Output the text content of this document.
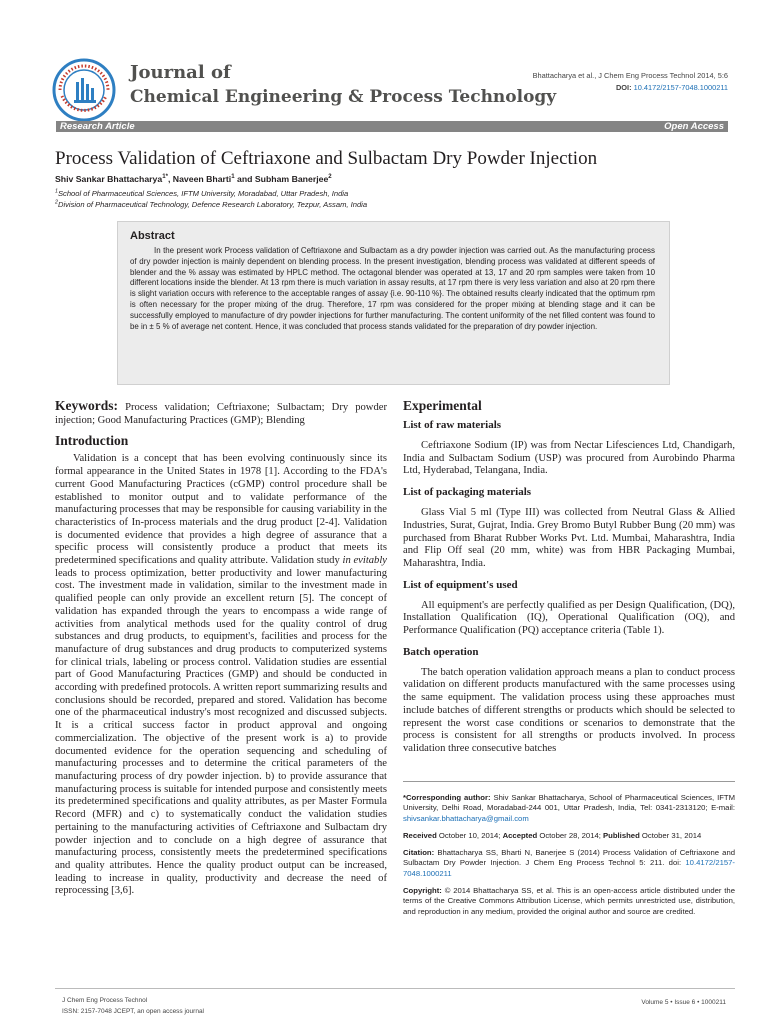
Journal of
Chemical Engineering & Process Technology
Bhattacharya et al., J Chem Eng Process Technol 2014, 5:6
DOI: 10.4172/2157-7048.1000211
Research Article	Open Access
Process Validation of Ceftriaxone and Sulbactam Dry Powder Injection
Shiv Sankar Bhattacharya$^{1*}$, Naveen Bharti$^1$ and Subham Banerjee$^2$
$^1$School of Pharmaceutical Sciences, IFTM University, Moradabad, Uttar Pradesh, India
$^2$Division of Pharmaceutical Technology, Defence Research Laboratory, Tezpur, Assam, India
Abstract

In the present work Process validation of Ceftriaxone and Sulbactam as a dry powder injection was carried out. As the manufacturing process of dry powder injection is mainly dependent on blending process. In the present investigation, blending process was validated at different speeds of blender and the % assay was estimated by HPLC method. The octagonal blender was operated at 13, 17 and 20 rpm samples were taken from 10 different locations inside the blender. At 13 rpm there is much variation in assay results, at 17 rpm there is very less variation and also at 20 rpm there is slight variation occurs with reference to the acceptable ranges of assay {i.e. 90-110 %}. The obtained results clearly indicated that the optimum rpm is often necessary for the proper mixing of the drug. Therefore, 17 rpm was considered for the proper mixing at blending stage and it can be successfully employed to manufacture of dry powder injections for further manufacturing. The content uniformity of the net filled content was found to be in ± 5 % of average net content. Hence, it was concluded that process stands validated for the preparation of dry powder injection.

Keywords: Process validation; Ceftriaxone; Sulbactam; Dry powder injection; Good Manufacturing Practices (GMP); Blending

Introduction

Validation is a concept that has been evolving continuously since its formal appearance in the United States in 1978 [1]. According to the FDA's current Good Manufacturing Practices (cGMP) control procedure shall be established to monitor output and to validate performance of the manufacturing processes that may be responsible for causing variability in the characteristics of In-process materials and the drug product [2-4]. Validation is documented evidence that provides a high degree of assurance that a specific process will consistently produce a product that meets its predetermined specifications and quality attribute. Validation study in evitably leads to process optimization, better productivity and lower manufacturing cost. The investment made in validation, similar to the investment made in qualified people can only provide an excellent return [5]. The concept of validation has expanded through the years to encompass a wide range of activities from analytical methods used for the quality control of drug substances and drug products, to equipment's, facilities and process for the manufacture of drug substances and drug products to computerized systems for clinical trials, labeling or process control. Validation studies are essential part of Good Manufacturing Practices (GMP) and should be conducted in according with predefined protocols. A written report summarizing results and conclusions should be recorded, prepared and stored. Validation has become one of the pharmaceutical industry's most recognized and discussed subjects. It is a critical success factor in product approval and ongoing commercialization. The objective of the present work is a) to provide documented evidence for the operation sequencing and scheduling of manufacturing processes and to determine the critical parameters of the manufacturing process of dry powder injection. b) to provide assurance that manufacturing process is suitable for intended purpose and consistently meets its predetermined specifications and quality attributes, as per Master Formula Record (MFR) and c) to systematically conduct the validation studies pertaining to the manufacturing activities of Ceftriaxone and Sulbactam dry powder injection and to conclude on a high degree of assurance that manufacturing process, consistently meets the predetermined specifications and quality attributes. Hence the quality product output can be increased, leading to increase in quality, productivity and decrease the need of reprocessing [3,6].

Experimental
List of raw materials

Ceftriaxone Sodium (IP) was from Nectar Lifesciences Ltd, Chandigarh, India and Sulbactam Sodium (USP) was procured from Aurobindo Pharma Ltd, Hyderabad, Telangana, India.

List of packaging materials

Glass Vial 5 ml (Type III) was collected from Neutral Glass & Allied Industries, Surat, Gujrat, India. Grey Bromo Butyl Rubber Bung (20 mm) was purchased from Bharat Rubber Works Pvt. Ltd. Mumbai, Maharashtra, India and Flip Off seal (20 mm, white) was from HBR Packaging Mumbai, Maharashtra, India.

List of equipment's used

All equipment's are perfectly qualified as per Design Qualification, (DQ), Installation Qualification (IQ), Operational Qualification (OQ), and Performance Qualification (PQ) acceptance criteria (Table 1).

Batch operation

The batch operation validation approach means a plan to conduct process validation on different products manufactured with the same processes using the same equipment. The validation process using these approaches must include batches of different strengths or products which should be selected to represent the worst case conditions or scenarios to demonstrate that the process is consistent for all strengths or products involved. In process validation three consecutive batches

*Corresponding author: Shiv Sankar Bhattacharya, School of Pharmaceutical Sciences, IFTM University, Delhi Road, Moradabad-244 001, Uttar Pradesh, India, Tel: 0341-2313120; E-mail: shivsankar.bhattacharya@gmail.com

Received October 10, 2014; Accepted October 28, 2014; Published October 31, 2014

Citation: Bhattacharya SS, Bharti N, Banerjee S (2014) Process Validation of Ceftriaxone and Sulbactam Dry Powder Injection. J Chem Eng Process Technol 5: 211. doi: 10.4172/2157-7048.1000211

Copyright: © 2014 Bhattacharya SS, et al. This is an open-access article distributed under the terms of the Creative Commons Attribution License, which permits unrestricted use, distribution, and reproduction in any medium, provided the original author and source are credited.

J Chem Eng Process Technol
ISSN: 2157-7048 JCEPT, an open access journal
Volume 5 • Issue 6 • 1000211
